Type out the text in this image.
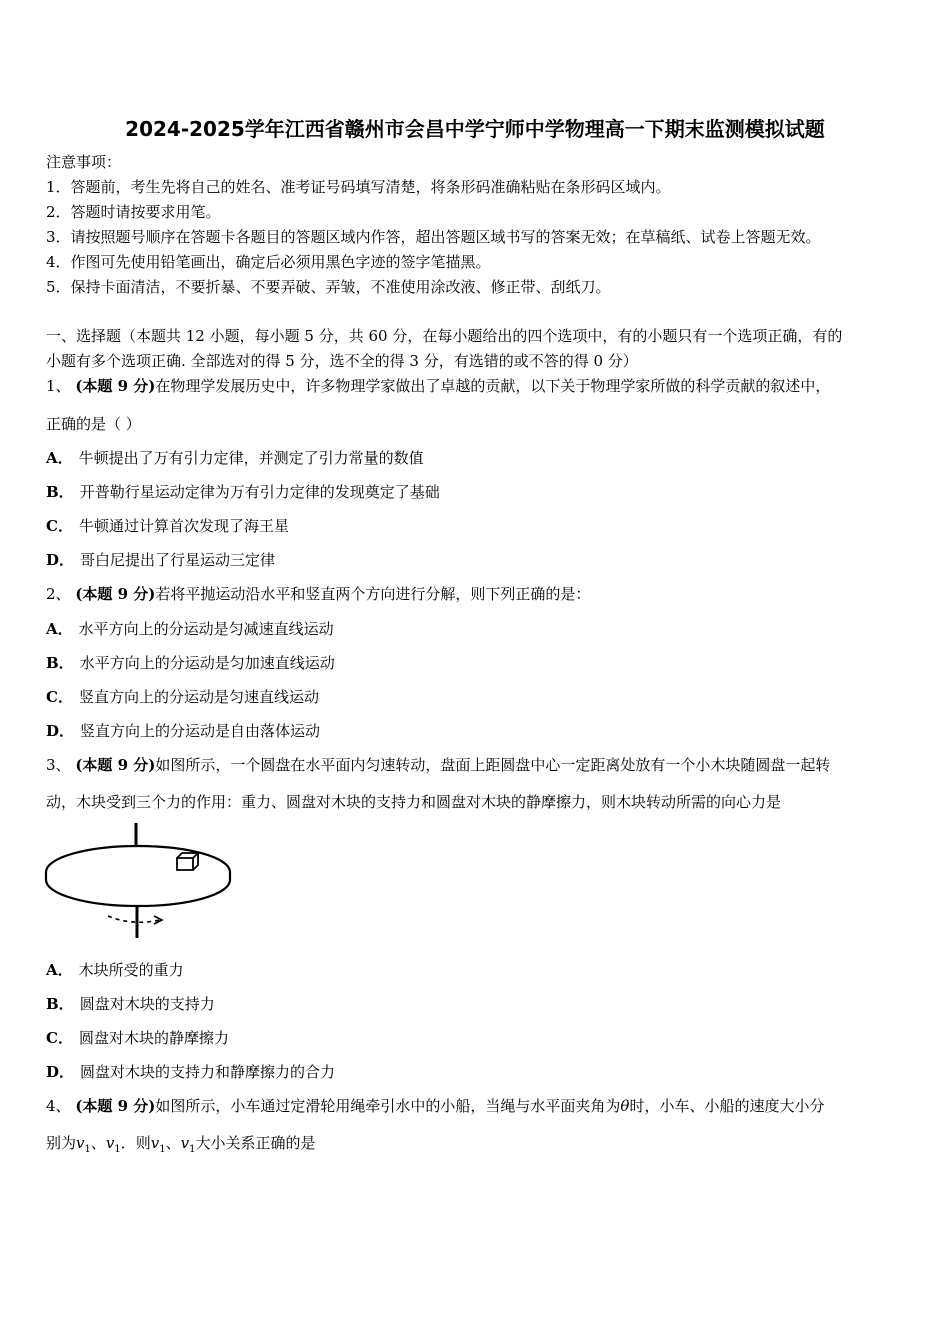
2024-2025学年江西省赣州市会昌中学宁师中学物理高一下期末监测模拟试题
注意事项：
1．答题前，考生先将自己的姓名、准考证号码填写清楚，将条形码准确粘贴在条形码区域内。
2．答题时请按要求用笔。
3．请按照题号顺序在答题卡各题目的答题区域内作答，超出答题区域书写的答案无效；在草稿纸、试卷上答题无效。
4．作图可先使用铅笔画出，确定后必须用黑色字迹的签字笔描黑。
5．保持卡面清洁，不要折暴、不要弄破、弄皱，不准使用涂改液、修正带、刮纸刀。
一、选择题（本题共 12 小题，每小题 5 分，共 60 分，在每小题给出的四个选项中，有的小题只有一个选项正确，有的
小题有多个选项正确. 全部选对的得 5 分，选不全的得 3 分，有选错的或不答的得 0 分）
1、 (本题 9 分)在物理学发展历史中，许多物理学家做出了卓越的贡献，以下关于物理学家所做的科学贡献的叙述中，
正确的是（ ）
A． 牛顿提出了万有引力定律，并测定了引力常量的数值
B． 开普勒行星运动定律为万有引力定律的发现奠定了基础
C． 牛顿通过计算首次发现了海王星
D． 哥白尼提出了行星运动三定律
2、 (本题 9 分)若将平抛运动沿水平和竖直两个方向进行分解，则下列正确的是：
A． 水平方向上的分运动是匀减速直线运动
B． 水平方向上的分运动是匀加速直线运动
C． 竖直方向上的分运动是匀速直线运动
D． 竖直方向上的分运动是自由落体运动
3、 (本题 9 分)如图所示，一个圆盘在水平面内匀速转动，盘面上距圆盘中心一定距离处放有一个小木块随圆盘一起转
动，木块受到三个力的作用：重力、圆盘对木块的支持力和圆盘对木块的静摩擦力，则木块转动所需的向心力是
A． 木块所受的重力
B． 圆盘对木块的支持力
C． 圆盘对木块的静摩擦力
D． 圆盘对木块的支持力和静摩擦力的合力
4、 (本题 9 分)如图所示，小车通过定滑轮用绳牵引水中的小船，当绳与水平面夹角为θ时，小车、小船的速度大小分
别为$v_1$、$v_1$．则$v_1$、$v_1$大小关系正确的是
